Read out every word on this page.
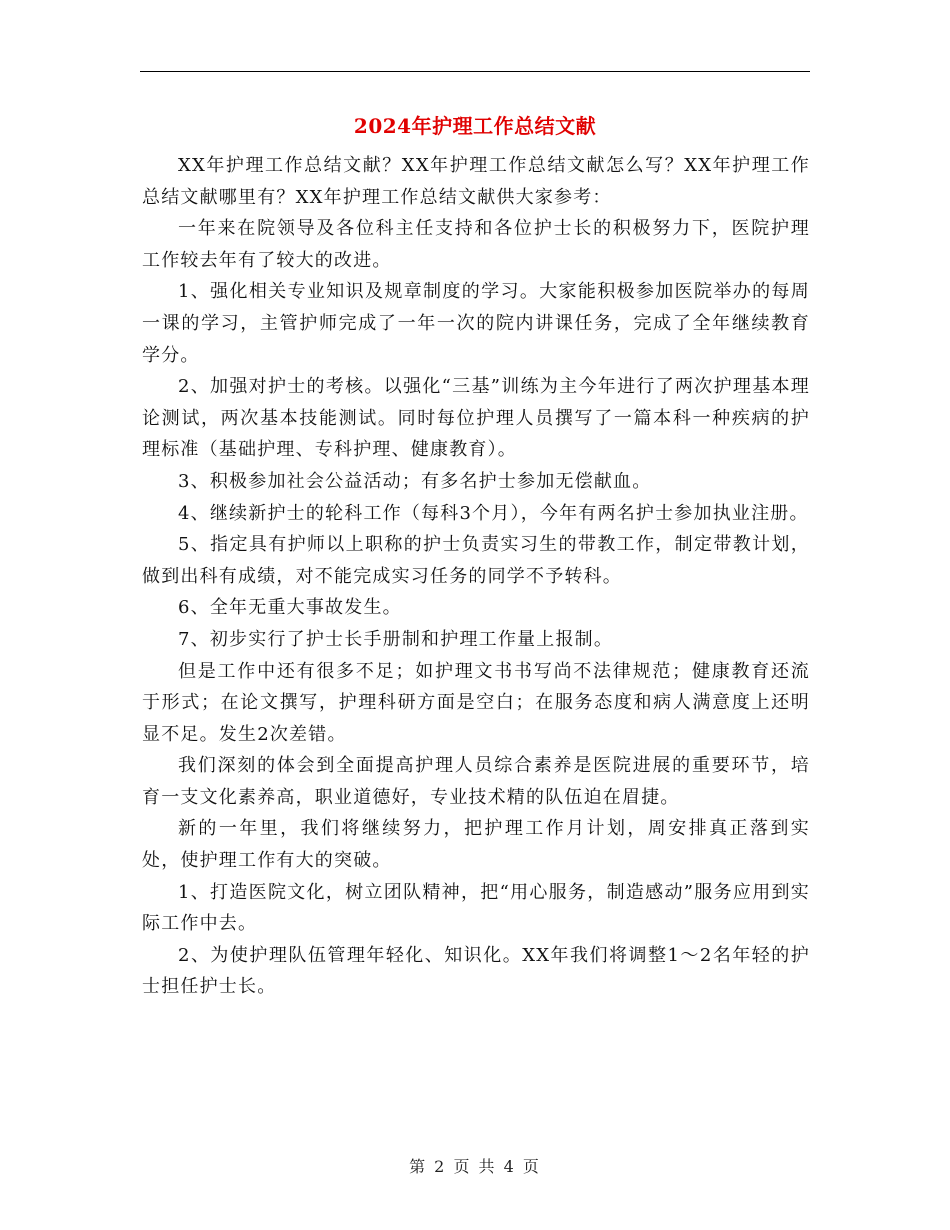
2024年护理工作总结文献

XX年护理工作总结文献？XX年护理工作总结文献怎么写？XX年护理工作总结文献哪里有？XX年护理工作总结文献供大家参考：

一年来在院领导及各位科主任支持和各位护士长的积极努力下，医院护理工作较去年有了较大的改进。

1、强化相关专业知识及规章制度的学习。大家能积极参加医院举办的每周一课的学习，主管护师完成了一年一次的院内讲课任务，完成了全年继续教育学分。

2、加强对护士的考核。以强化“三基”训练为主今年进行了两次护理基本理论测试，两次基本技能测试。同时每位护理人员撰写了一篇本科一种疾病的护理标准（基础护理、专科护理、健康教育）。

3、积极参加社会公益活动；有多名护士参加无偿献血。

4、继续新护士的轮科工作（每科3个月），今年有两名护士参加执业注册。

5、指定具有护师以上职称的护士负责实习生的带教工作，制定带教计划，做到出科有成绩，对不能完成实习任务的同学不予转科。

6、全年无重大事故发生。

7、初步实行了护士长手册制和护理工作量上报制。

但是工作中还有很多不足；如护理文书书写尚不法律规范；健康教育还流于形式；在论文撰写，护理科研方面是空白；在服务态度和病人满意度上还明显不足。发生2次差错。

我们深刻的体会到全面提高护理人员综合素养是医院进展的重要环节，培育一支文化素养高，职业道德好，专业技术精的队伍迫在眉捷。

新的一年里，我们将继续努力，把护理工作月计划，周安排真正落到实处，使护理工作有大的突破。

1、打造医院文化，树立团队精神，把“用心服务，制造感动”服务应用到实际工作中去。

2、为使护理队伍管理年轻化、知识化。XX年我们将调整1～2名年轻的护士担任护士长。

第 2 页 共 4 页
